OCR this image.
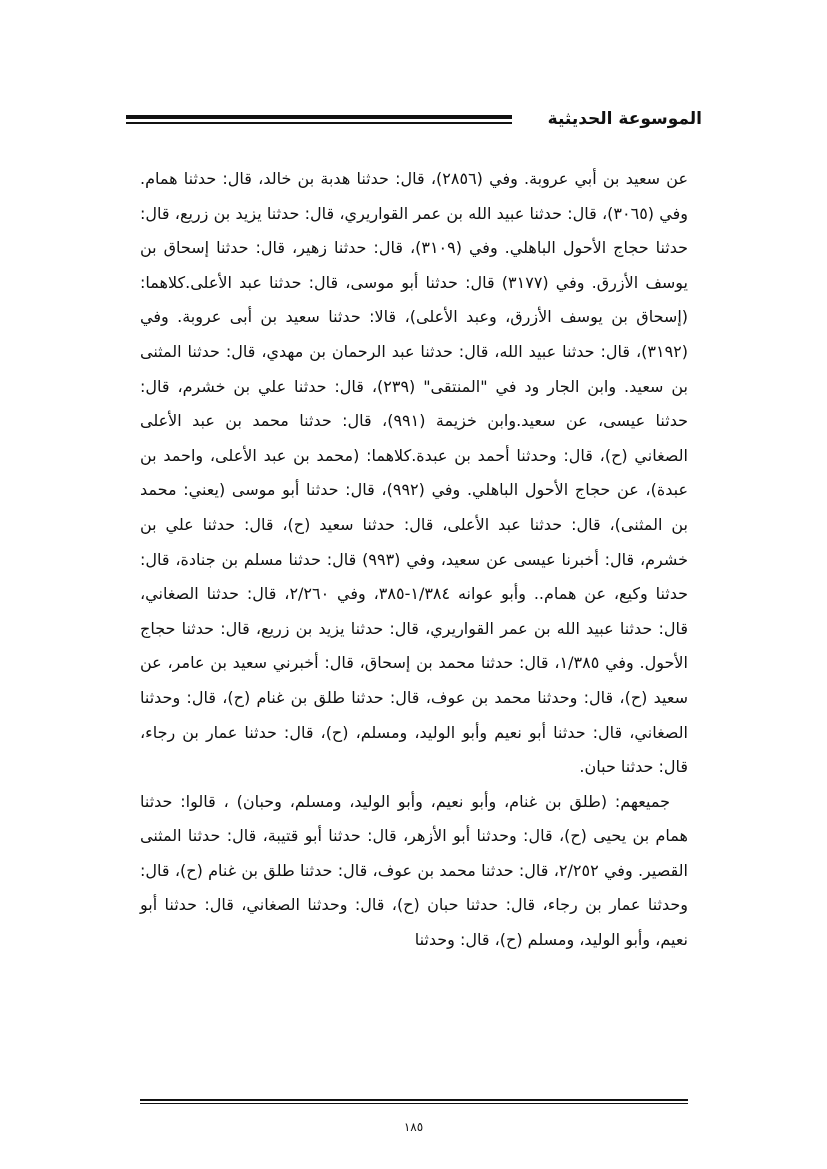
الموسوعة الحديثية

عن سعيد بن أبي عروبة. وفي (٢٨٥٦)، قال: حدثنا هدبة بن خالد، قال: حدثنا همام. وفي (٣٠٦٥)، قال: حدثنا عبيد الله بن عمر القواريري، قال: حدثنا يزيد بن زريع، قال: حدثنا حجاج الأحول الباهلي. وفي (٣١٠٩)، قال: حدثنا زهير، قال: حدثنا إسحاق بن يوسف الأزرق. وفي (٣١٧٧) قال: حدثنا أبو موسى، قال: حدثنا عبد الأعلى.كلاهما: (إسحاق بن يوسف الأزرق، وعبد الأعلى)، قالا: حدثنا سعيد بن أبى عروبة. وفي (٣١٩٢)، قال: حدثنا عبيد الله، قال: حدثنا عبد الرحمان بن مهدي، قال: حدثنا المثنى بن سعيد. وابن الجار ود في "المنتقى" (٢٣٩)، قال: حدثنا علي بن خشرم، قال: حدثنا عيسى، عن سعيد.وابن خزيمة (٩٩١)، قال: حدثنا محمد بن عبد الأعلى الصغاني (ح)، قال: وحدثنا أحمد بن عبدة.كلاهما: (محمد بن عبد الأعلى، واحمد بن عبدة)، عن حجاج الأحول الباهلي. وفي (٩٩٢)، قال: حدثنا أبو موسى (يعني: محمد بن المثنى)، قال: حدثنا عبد الأعلى، قال: حدثنا سعيد (ح)، قال: حدثنا علي بن خشرم، قال: أخبرنا عيسى عن سعيد، وفي (٩٩٣) قال: حدثنا مسلم بن جنادة، قال: حدثنا وكيع، عن همام.. وأبو عوانه ١/٣٨٤-٣٨٥، وفي ٢/٢٦٠، قال: حدثنا الصغاني، قال: حدثنا عبيد الله بن عمر القواريري، قال: حدثنا يزيد بن زريع، قال: حدثنا حجاج الأحول. وفي ١/٣٨٥، قال: حدثنا محمد بن إسحاق، قال: أخبرني سعيد بن عامر، عن سعيد (ح)، قال: وحدثنا محمد بن عوف، قال: حدثنا طلق بن غنام (ح)، قال: وحدثنا الصغاني، قال: حدثنا أبو نعيم وأبو الوليد، ومسلم، (ح)، قال: حدثنا عمار بن رجاء، قال: حدثنا حبان.

جميعهم: (طلق بن غنام، وأبو نعيم، وأبو الوليد، ومسلم، وحبان) ، قالوا: حدثنا همام بن يحيى (ح)، قال: وحدثنا أبو الأزهر، قال: حدثنا أبو قتيبة، قال: حدثنا المثنى القصير. وفي ٢/٢٥٢، قال: حدثنا محمد بن عوف، قال: حدثنا طلق بن غنام (ح)، قال: وحدثنا عمار بن رجاء، قال: حدثنا حبان (ح)، قال: وحدثنا الصغاني، قال: حدثنا أبو نعيم، وأبو الوليد، ومسلم (ح)، قال: وحدثنا

١٨٥
